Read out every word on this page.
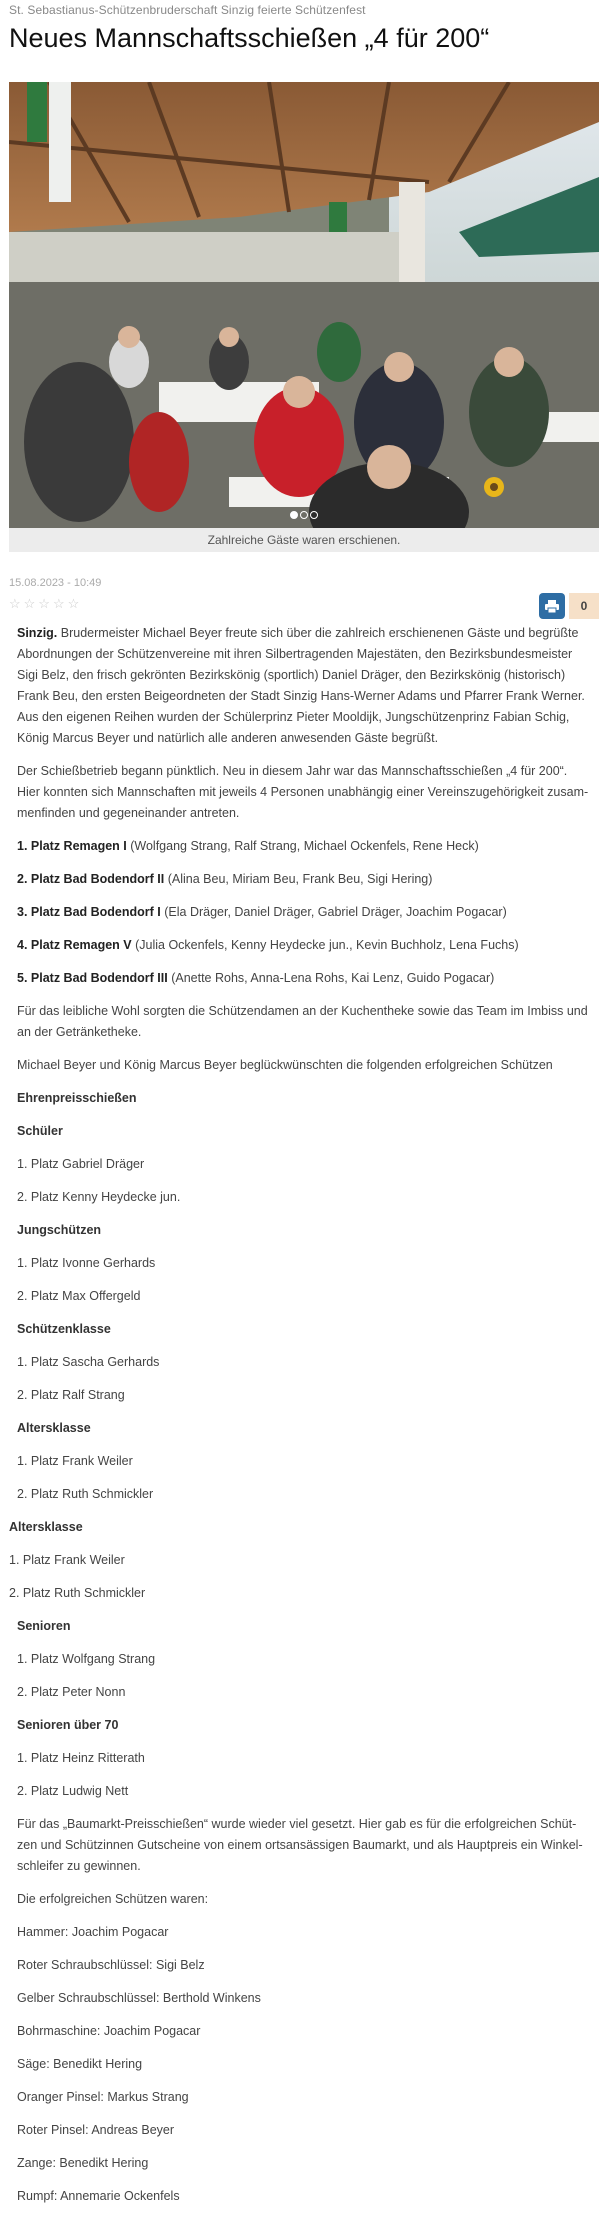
St. Sebastianus-Schützenbruderschaft Sinzig feierte Schützenfest
Neues Mannschaftsschießen „4 für 200“
Zahlreiche Gäste waren erschienen.
15.08.2023 - 10:49
☆☆☆☆☆	0

Sinzig. Brudermeister Michael Beyer freute sich über die zahlreich erschienenen Gäste und begrüßte Abordnungen der Schützenvereine mit ihren Silbertragenden Majestäten, den Bezirksbundesmeister Sigi Belz, den frisch gekrönten Bezirkskönig (sportlich) Daniel Dräger, den Bezirkskönig (historisch) Frank Beu, den ersten Beigeordneten der Stadt Sinzig Hans-Werner Adams und Pfarrer Frank Werner. Aus den eigenen Reihen wurden der Schülerprinz Pieter Mooldijk, Jungschützenprinz Fabian Schig, König Marcus Beyer und natürlich alle anderen anwesenden Gäste begrüßt.

Der Schießbetrieb begann pünktlich. Neu in diesem Jahr war das Mannschaftsschießen „4 für 200“. Hier konnten sich Mannschaften mit jeweils 4 Personen unabhängig einer Vereinszugehörigkeit zusammenfinden und gegeneinander antreten.

1. Platz Remagen I (Wolfgang Strang, Ralf Strang, Michael Ockenfels, Rene Heck)

2. Platz Bad Bodendorf II (Alina Beu, Miriam Beu, Frank Beu, Sigi Hering)

3. Platz Bad Bodendorf I (Ela Dräger, Daniel Dräger, Gabriel Dräger, Joachim Pogacar)

4. Platz Remagen V (Julia Ockenfels, Kenny Heydecke jun., Kevin Buchholz, Lena Fuchs)

5. Platz Bad Bodendorf III (Anette Rohs, Anna-Lena Rohs, Kai Lenz, Guido Pogacar)

Für das leibliche Wohl sorgten die Schützendamen an der Kuchentheke sowie das Team im Imbiss und an der Getränketheke.

Michael Beyer und König Marcus Beyer beglückwünschten die folgenden erfolgreichen Schützen

Ehrenpreisschießen

Schüler

1. Platz Gabriel Dräger

2. Platz Kenny Heydecke jun.

Jungschützen

1. Platz Ivonne Gerhards

2. Platz Max Offergeld

Schützenklasse

1. Platz Sascha Gerhards

2. Platz Ralf Strang

Altersklasse

1. Platz Frank Weiler

2. Platz Ruth Schmickler

Altersklasse

1. Platz Frank Weiler

2. Platz Ruth Schmickler

Senioren

1. Platz Wolfgang Strang

2. Platz Peter Nonn

Senioren über 70

1. Platz Heinz Ritterath

2. Platz Ludwig Nett

Für das „Baumarkt-Preisschießen“ wurde wieder viel gesetzt. Hier gab es für die erfolgreichen Schützen und Schützinnen Gutscheine von einem ortsansässigen Baumarkt, und als Hauptpreis ein Winkelschleifer zu gewinnen.

Die erfolgreichen Schützen waren:

Hammer: Joachim Pogacar

Roter Schraubschlüssel: Sigi Belz

Gelber Schraubschlüssel: Berthold Winkens

Bohrmaschine: Joachim Pogacar

Säge: Benedikt Hering

Oranger Pinsel: Markus Strang

Roter Pinsel: Andreas Beyer

Zange: Benedikt Hering

Rumpf: Annemarie Ockenfels
